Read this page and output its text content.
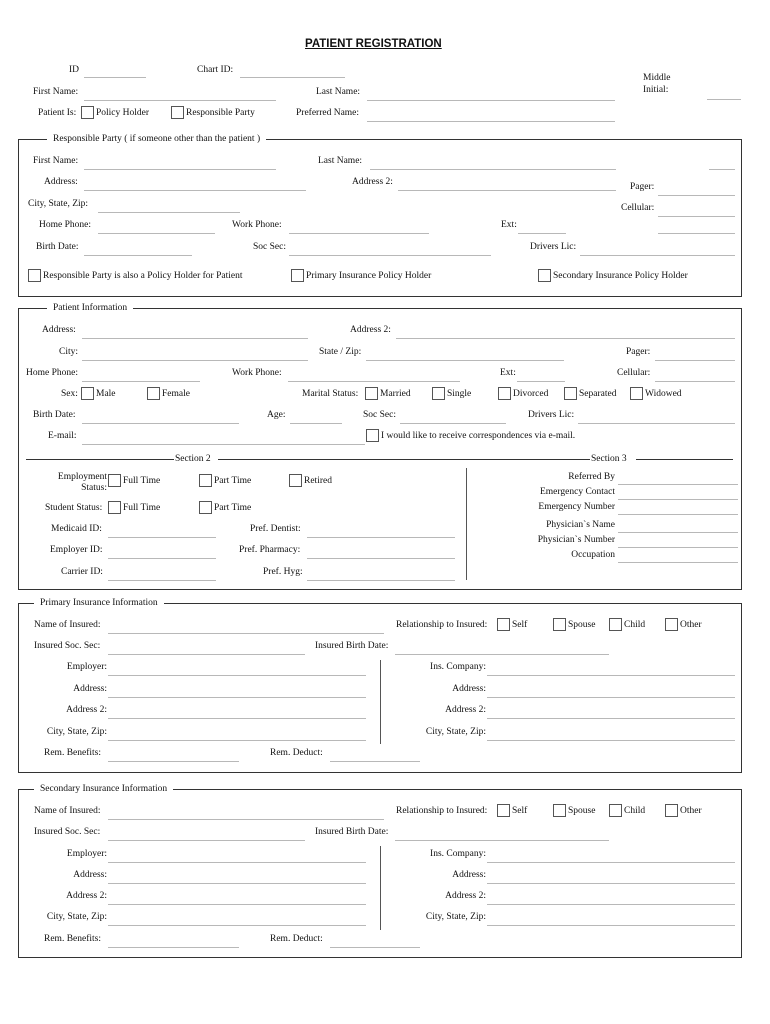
PATIENT REGISTRATION
ID	Chart ID:
Middle
Initial:
First Name:	Last Name:
Patient Is: Policy Holder	Responsible Party	Preferred Name:
Responsible Party ( if someone other than the patient )
First Name:	Last Name:
Address:	Address 2:	Pager:
City, State, Zip:	Cellular:
Home Phone:	Work Phone:	Ext:
Birth Date:	Soc Sec:	Drivers Lic:
Responsible Party is also a Policy Holder for Patient	Primary Insurance Policy Holder	Secondary Insurance Policy Holder
Patient Information
Address:	Address 2:
City:	State / Zip:	Pager:
Home Phone:	Work Phone:	Ext:	Cellular:
Sex: Male	Female	Marital Status: Married	Single	Divorced	Separated	Widowed
Birth Date:	Age:	Soc Sec:	Drivers Lic:
E-mail:	I would like to receive correspondences via e-mail.
Section 2	Section 3
Employment
Status:
Full Time	Part Time	Retired
Student Status: Full Time	Part Time
Medicaid ID:	Pref. Dentist:
Employer ID:	Pref. Pharmacy:
Carrier ID:	Pref. Hyg:
Referred By
Emergency Contact
Emergency Number
Physician`s Name
Physician`s Number
Occupation
Primary Insurance Information
Name of Insured:	Relationship to Insured:	Self	Spouse	Child	Other
Insured Soc. Sec:	Insured Birth Date:
Employer:	Ins. Company:
Address:	Address:
Address 2:	Address 2:
City, State, Zip:	City, State, Zip:
Rem. Benefits:	Rem. Deduct:
Secondary Insurance Information
Name of Insured:	Relationship to Insured:	Self	Spouse	Child	Other
Insured Soc. Sec:	Insured Birth Date:
Employer:	Ins. Company:
Address:	Address:
Address 2:	Address 2:
City, State, Zip:	City, State, Zip:
Rem. Benefits:	Rem. Deduct:
